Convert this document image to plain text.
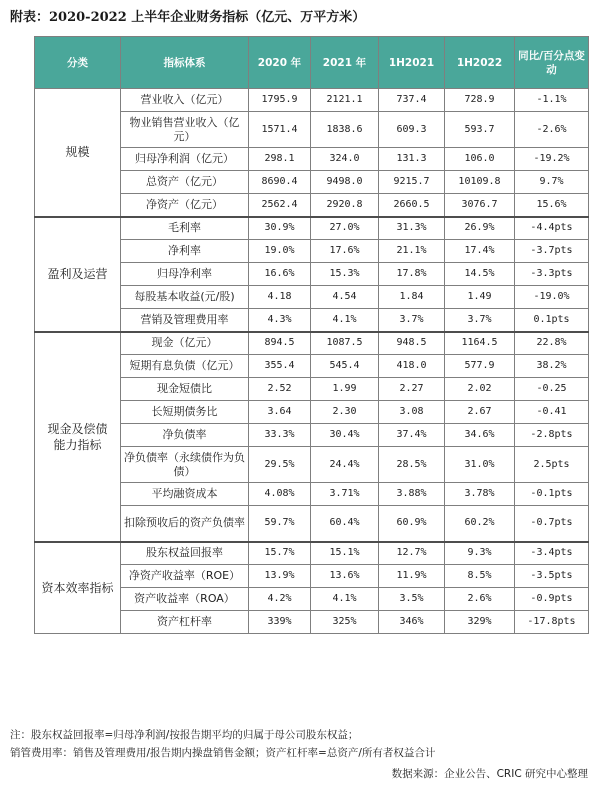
附表：2020-2022 上半年企业财务指标（亿元、万平方米）
分类	指标体系	2020 年	2021 年	1H2021	1H2022	同比/百分点变动
规模	营业收入（亿元）	1795.9	2121.1	737.4	728.9	-1.1%
	物业销售营业收入（亿元）	1571.4	1838.6	609.3	593.7	-2.6%
	归母净利润（亿元）	298.1	324.0	131.3	106.0	-19.2%
	总资产（亿元）	8690.4	9498.0	9215.7	10109.8	9.7%
	净资产（亿元）	2562.4	2920.8	2660.5	3076.7	15.6%
盈利及运营	毛利率	30.9%	27.0%	31.3%	26.9%	-4.4pts
	净利率	19.0%	17.6%	21.1%	17.4%	-3.7pts
	归母净利率	16.6%	15.3%	17.8%	14.5%	-3.3pts
	每股基本收益(元/股)	4.18	4.54	1.84	1.49	-19.0%
	营销及管理费用率	4.3%	4.1%	3.7%	3.7%	0.1pts
现金及偿债能力指标	现金（亿元）	894.5	1087.5	948.5	1164.5	22.8%
	短期有息负债（亿元）	355.4	545.4	418.0	577.9	38.2%
	现金短债比	2.52	1.99	2.27	2.02	-0.25
	长短期债务比	3.64	2.30	3.08	2.67	-0.41
	净负债率	33.3%	30.4%	37.4%	34.6%	-2.8pts
	净负债率（永续债作为负债）	29.5%	24.4%	28.5%	31.0%	2.5pts
	平均融资成本	4.08%	3.71%	3.88%	3.78%	-0.1pts
	扣除预收后的资产负债率	59.7%	60.4%	60.9%	60.2%	-0.7pts
资本效率指标	股东权益回报率	15.7%	15.1%	12.7%	9.3%	-3.4pts
	净资产收益率（ROE）	13.9%	13.6%	11.9%	8.5%	-3.5pts
	资产收益率（ROA）	4.2%	4.1%	3.5%	2.6%	-0.9pts
	资产杠杆率	339%	325%	346%	329%	-17.8pts
注：股东权益回报率=归母净利润/按报告期平均的归属于母公司股东权益；
销管费用率：销售及管理费用/报告期内操盘销售金额；资产杠杆率=总资产/所有者权益合计
数据来源：企业公告、CRIC 研究中心整理
